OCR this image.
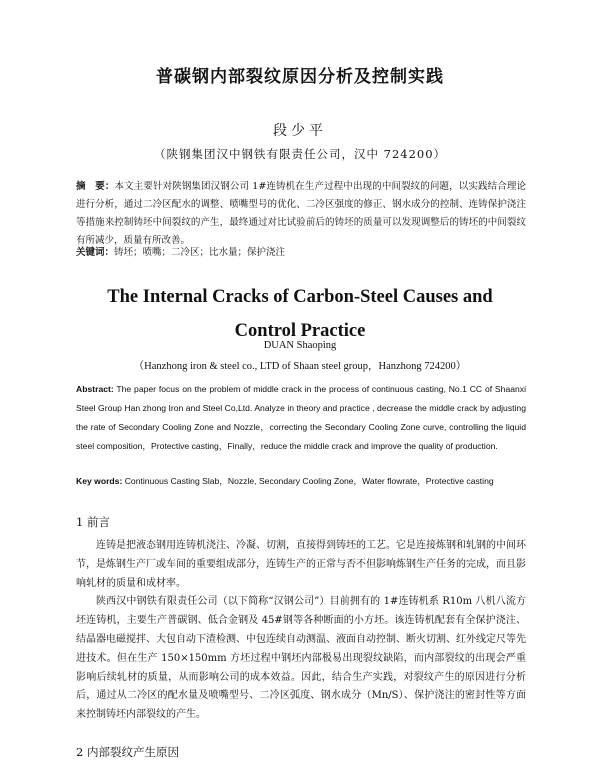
普碳钢内部裂纹原因分析及控制实践
段少平
（陕钢集团汉中钢铁有限责任公司，汉中 724200）
摘　要：本文主要针对陕钢集团汉钢公司 1#连铸机在生产过程中出现的中间裂纹的问题，以实践结合理论进行分析，通过二冷区配水的调整、喷嘴型号的优化、二冷区强度的修正、钢水成分的控制、连铸保护浇注等措施来控制铸坯中间裂纹的产生，最终通过对比试验前后的铸坯的质量可以发现调整后的铸坯的中间裂纹有所减少，质量有所改善。
关键词：铸坯；喷嘴；二冷区；比水量；保护浇注
The Internal Cracks of Carbon-Steel Causes and
Control Practice
DUAN Shaoping
（Hanzhong iron & steel co., LTD of Shaan steel group，Hanzhong 724200）
Abstract: The paper focus on the problem of middle crack in the process of continuous casting, No.1 CC of Shaanxi Steel Group Han zhong Iron and Steel Co,Ltd. Analyze in theory and practice , decrease the middle crack by adjusting the rate of Secondary Cooling Zone and Nozzle，correcting the Secondary Cooling Zone curve, controlling the liquid steel composition，Protective casting，Finally，reduce the middle crack and improve the quality of production.
Key words: Continuous Casting Slab，Nozzle, Secondary Cooling Zone，Water flowrate，Protective casting
1 前言

连铸是把液态钢用连铸机浇注、冷凝、切割，直接得到铸坯的工艺。它是连接炼钢和轧钢的中间环节，是炼钢生产厂或车间的重要组成部分，连铸生产的正常与否不但影响炼钢生产任务的完成，而且影响轧材的质量和成材率。

陕西汉中钢铁有限责任公司（以下简称“汉钢公司”）目前拥有的 1#连铸机系 R10m 八机八流方坯连铸机，主要生产普碳钢、低合金钢及 45#钢等各种断面的小方坯。该连铸机配套有全保护浇注、结晶器电磁搅拌、大包自动下渣检测、中包连续自动测温、液面自动控制、断火切割、红外线定尺等先进技术。但在生产 150×150mm 方坯过程中钢坯内部极易出现裂纹缺陷，而内部裂纹的出现会严重影响后续轧材的质量，从而影响公司的成本效益。因此，结合生产实践，对裂纹产生的原因进行分析后，通过从二冷区的配水量及喷嘴型号、二冷区弧度、钢水成分（Mn/S）、保护浇注的密封性等方面来控制铸坯内部裂纹的产生。

2 内部裂纹产生原因
